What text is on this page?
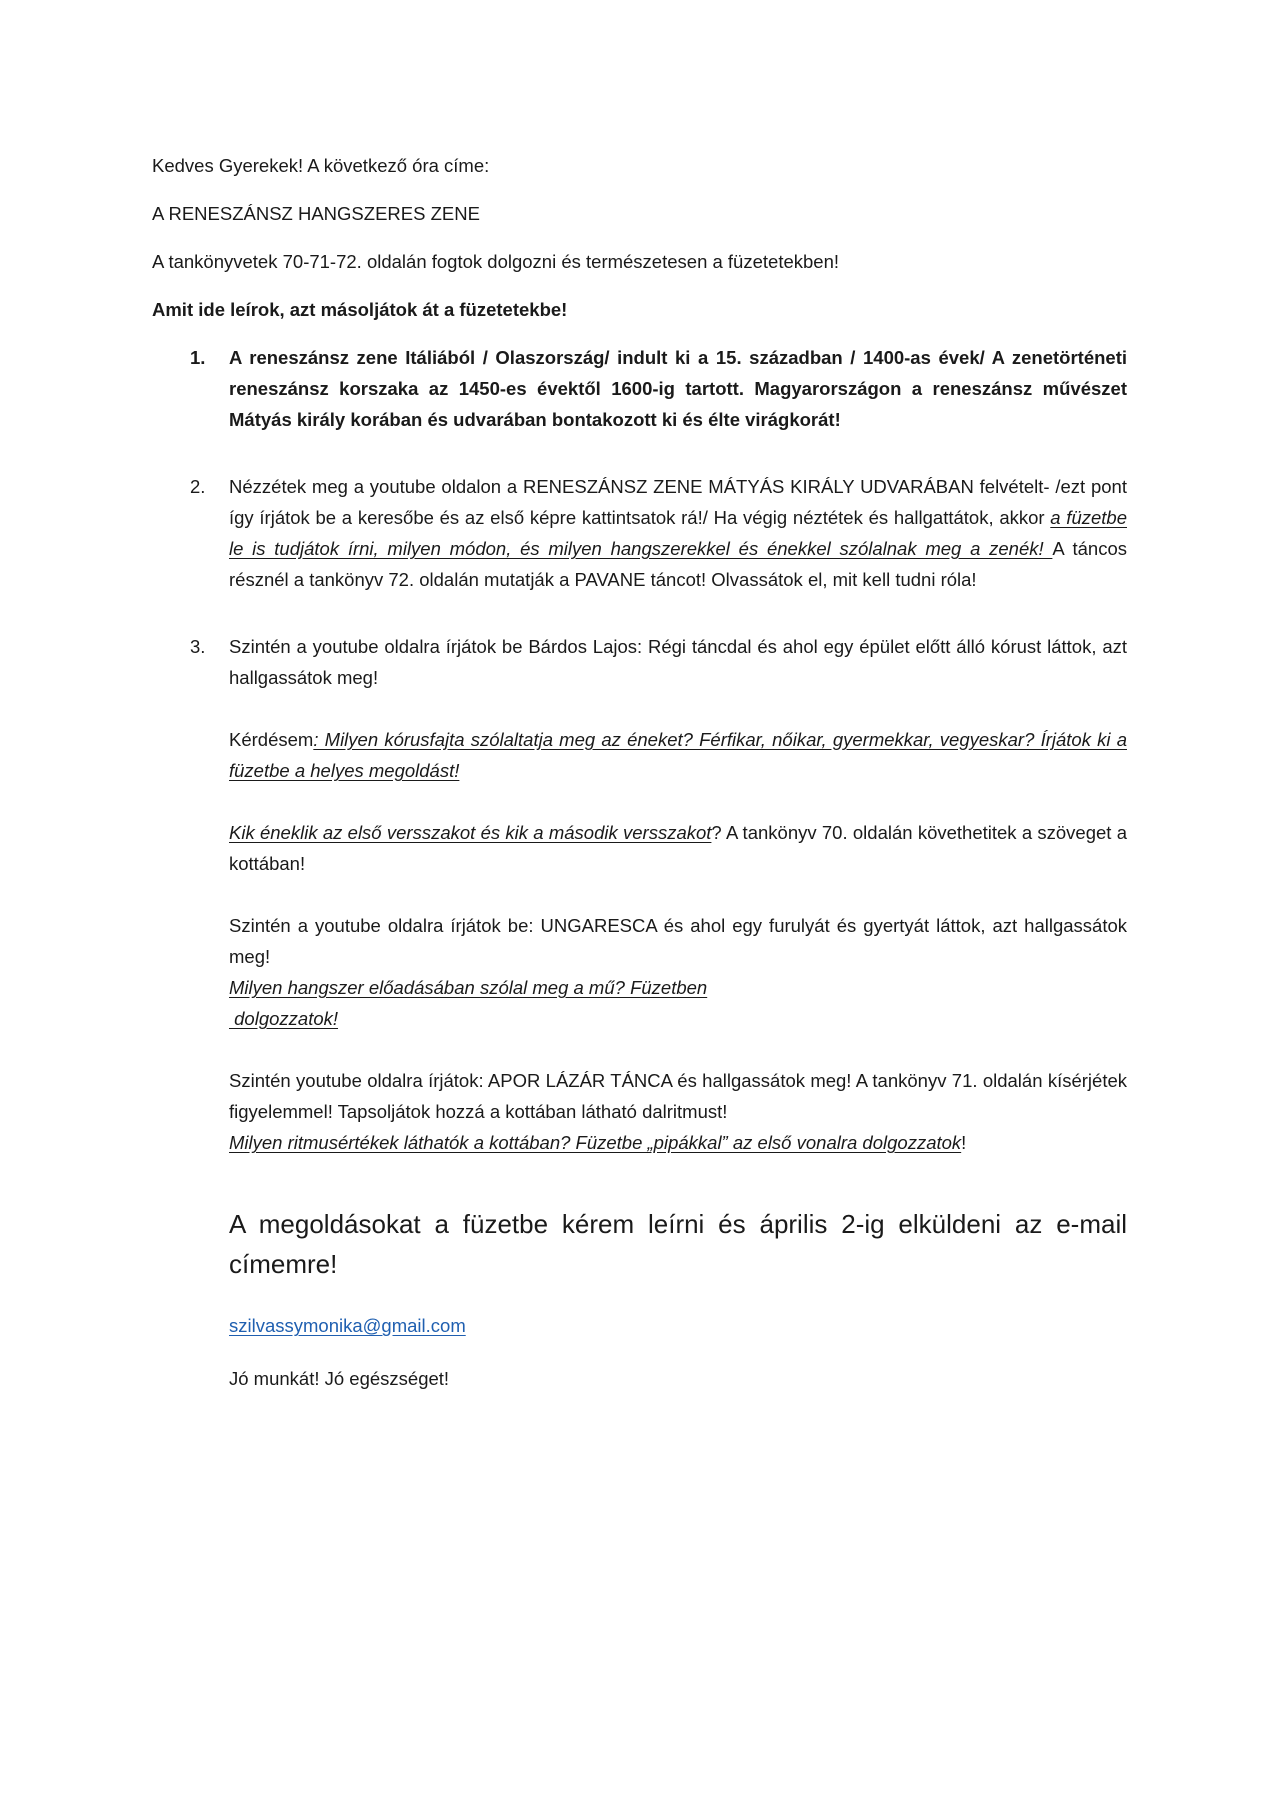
Kedves Gyerekek! A következő óra címe:

A RENESZÁNSZ HANGSZERES ZENE

A tankönyvetek 70-71-72. oldalán fogtok dolgozni és természetesen a füzetetekben!

Amit ide leírok, azt másoljátok át a füzetetekbe!

1. A reneszánsz zene Itáliából / Olaszország/ indult ki a 15. században / 1400-as évek/ A zenetörténeti reneszánsz korszaka az 1450-es évektől 1600-ig tartott. Magyarországon a reneszánsz művészet Mátyás király korában és udvarában bontakozott ki és élte virágkorát!

2. Nézzétek meg a youtube oldalon a RENESZÁNSZ ZENE MÁTYÁS KIRÁLY UDVARÁBAN felvételt- /ezt pont így írjátok be a keresőbe és az első képre kattintsatok rá!/ Ha végig néztétek és hallgattátok, akkor a füzetbe le is tudjátok írni, milyen módon, és milyen hangszerekkel és énekkel szólalnak meg a zenék! A táncos résznél a tankönyv 72. oldalán mutatják a PAVANE táncot! Olvassátok el, mit kell tudni róla!

3. Szintén a youtube oldalra írjátok be Bárdos Lajos: Régi táncdal és ahol egy épület előtt álló kórust láttok, azt hallgassátok meg!

Kérdésem: Milyen kórusfajta szólaltatja meg az éneket? Férfikar, nőikar, gyermekkar, vegyeskar? Írjátok ki a füzetbe a helyes megoldást!

Kik éneklik az első versszakot és kik a második versszakot? A tankönyv 70. oldalán követhetitek a szöveget a kottában!

Szintén a youtube oldalra írjátok be: UNGARESCA és ahol egy furulyát és gyertyát láttok, azt hallgassátok meg!

Milyen hangszer előadásában szólal meg a mű? Füzetben

dolgozzatok!

Szintén youtube oldalra írjátok: APOR LÁZÁR TÁNCA és hallgassátok meg! A tankönyv 71. oldalán kísérjétek figyelemmel! Tapsoljátok hozzá a kottában látható dalritmust!

Milyen ritmusértékek láthatók a kottában? Füzetbe „pipákkal” az első vonalra dolgozzatok!

A megoldásokat a füzetbe kérem leírni és április 2-ig elküldeni az e-mail címemre!

szilvassymonika@gmail.com

Jó munkát! Jó egészséget!
